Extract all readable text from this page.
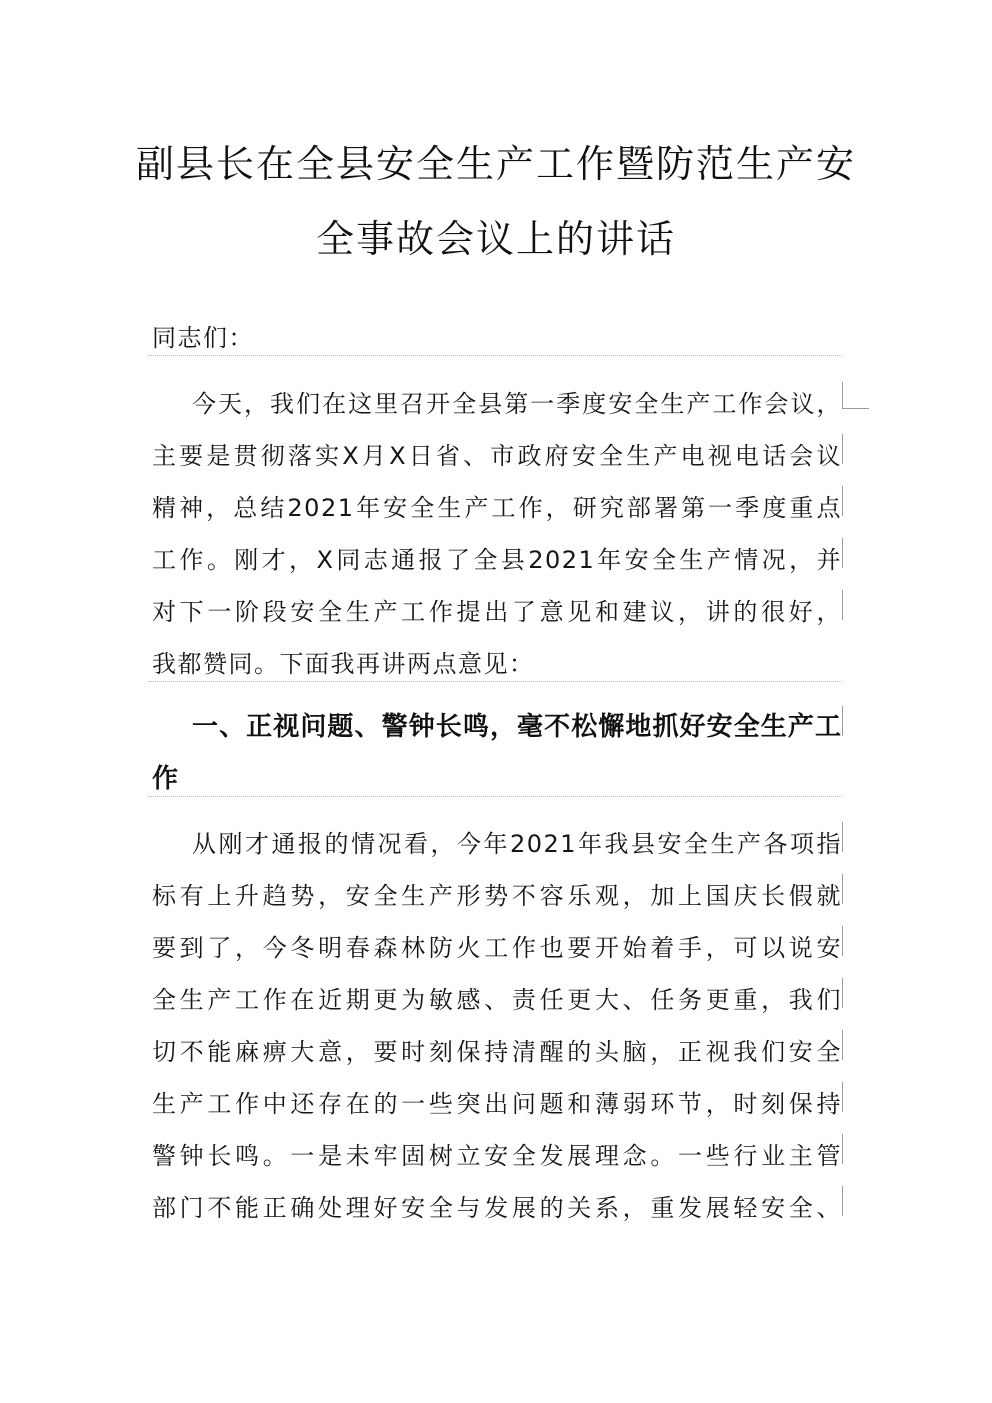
副县长在全县安全生产工作暨防范生产安
全事故会议上的讲话
同志们：
今天，我们在这里召开全县第一季度安全生产工作会议，
主要是贯彻落实X月X日省、市政府安全生产电视电话会议
精神，总结2021年安全生产工作，研究部署第一季度重点
工作。刚才，X同志通报了全县2021年安全生产情况，并
对下一阶段安全生产工作提出了意见和建议，讲的很好，
我都赞同。下面我再讲两点意见：
一、正视问题、警钟长鸣，毫不松懈地抓好安全生产工
作
从刚才通报的情况看，今年2021年我县安全生产各项指
标有上升趋势，安全生产形势不容乐观，加上国庆长假就
要到了，今冬明春森林防火工作也要开始着手，可以说安
全生产工作在近期更为敏感、责任更大、任务更重，我们
切不能麻痹大意，要时刻保持清醒的头脑，正视我们安全
生产工作中还存在的一些突出问题和薄弱环节，时刻保持
警钟长鸣。一是未牢固树立安全发展理念。一些行业主管
部门不能正确处理好安全与发展的关系，重发展轻安全、
